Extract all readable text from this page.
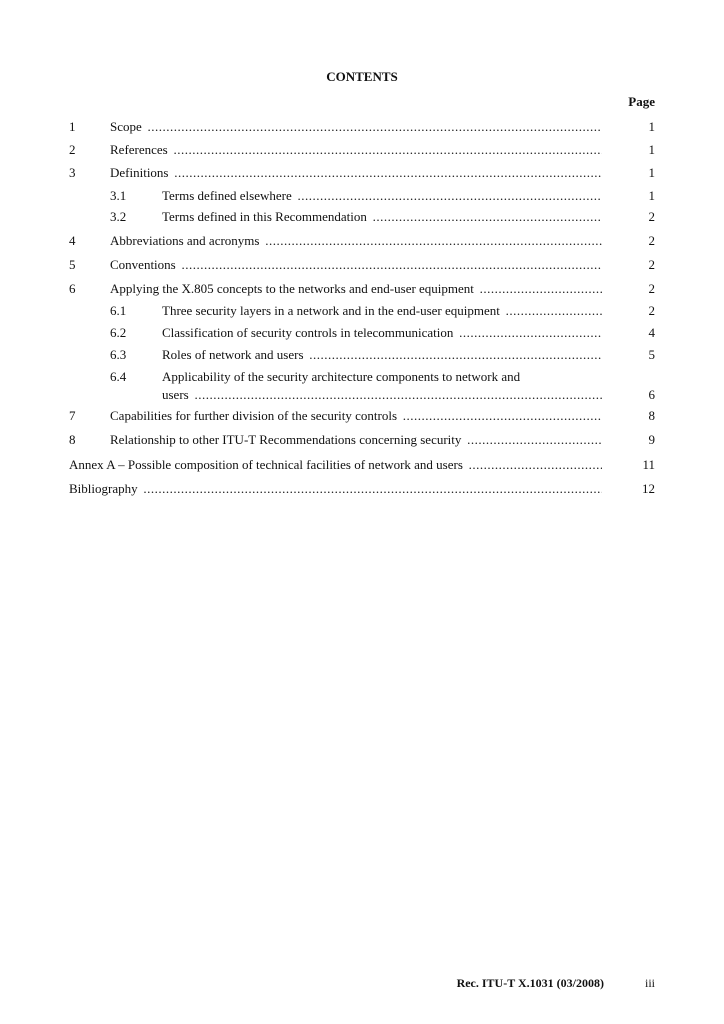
CONTENTS
Page
1	Scope .....	1
2	References .....	1
3	Definitions .....	1
3.1	Terms defined elsewhere .....	1
3.2	Terms defined in this Recommendation .....	2
4	Abbreviations and acronyms .....	2
5	Conventions .....	2
6	Applying the X.805 concepts to the networks and end-user equipment .....	2
6.1	Three security layers in a network and in the end-user equipment .....	2
6.2	Classification of security controls in telecommunication .....	4
6.3	Roles of network and users .....	5
6.4	Applicability of the security architecture components to network and
users .....	6
7	Capabilities for further division of the security controls .....	8
8	Relationship to other ITU-T Recommendations concerning security .....	9
Annex A – Possible composition of technical facilities of network and users .....	11
Bibliography .....	12
Rec. ITU-T X.1031 (03/2008)	iii
